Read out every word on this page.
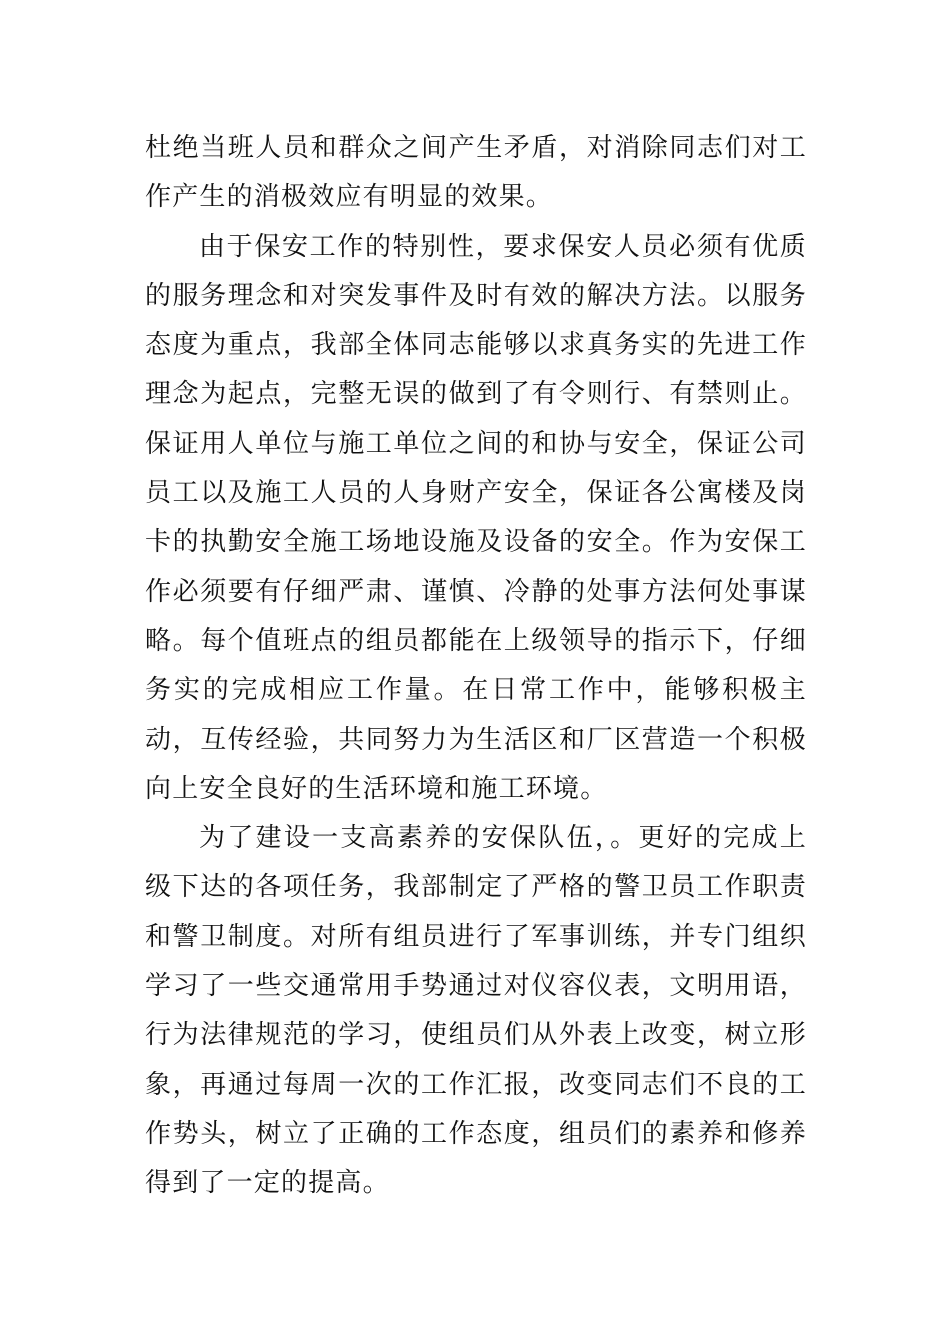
杜绝当班人员和群众之间产生矛盾，对消除同志们对工作产生的消极效应有明显的效果。

由于保安工作的特别性，要求保安人员必须有优质的服务理念和对突发事件及时有效的解决方法。以服务态度为重点，我部全体同志能够以求真务实的先进工作理念为起点，完整无误的做到了有令则行、有禁则止。保证用人单位与施工单位之间的和协与安全，保证公司员工以及施工人员的人身财产安全，保证各公寓楼及岗卡的执勤安全施工场地设施及设备的安全。作为安保工作必须要有仔细严肃、谨慎、冷静的处事方法何处事谋略。每个值班点的组员都能在上级领导的指示下，仔细务实的完成相应工作量。在日常工作中，能够积极主动，互传经验，共同努力为生活区和厂区营造一个积极向上安全良好的生活环境和施工环境。

为了建设一支高素养的安保队伍，。更好的完成上级下达的各项任务，我部制定了严格的警卫员工作职责和警卫制度。对所有组员进行了军事训练，并专门组织学习了一些交通常用手势通过对仪容仪表，文明用语，行为法律规范的学习，使组员们从外表上改变，树立形象，再通过每周一次的工作汇报，改变同志们不良的工作势头，树立了正确的工作态度，组员们的素养和修养得到了一定的提高。
